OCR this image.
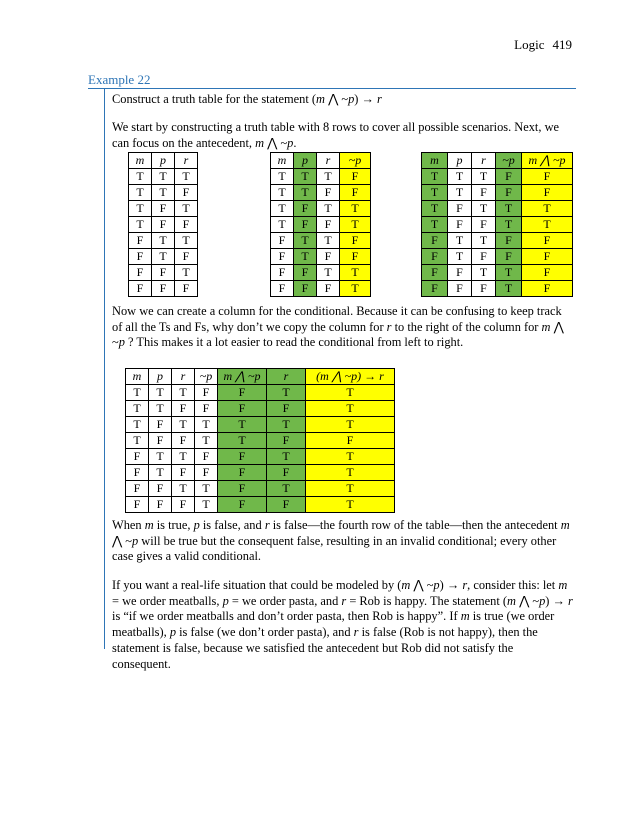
Logic 419
Example 22
Construct a truth table for the statement (m ⋀ ~p) → r
We start by constructing a truth table with 8 rows to cover all possible scenarios. Next, we can focus on the antecedent, m ⋀ ~p.
m	p	r
T	T	T
T	T	F
T	F	T
T	F	F
F	T	T
F	T	F
F	F	T
F	F	F
m	p	r	~p
T	T	T	F
T	T	F	F
T	F	T	T
T	F	F	T
F	T	T	F
F	T	F	F
F	F	T	T
F	F	F	T
m	p	r	~p	m ⋀ ~p
T	T	T	F	F
T	T	F	F	F
T	F	T	T	T
T	F	F	T	T
F	T	T	F	F
F	T	F	F	F
F	F	T	T	F
F	F	F	T	F
Now we can create a column for the conditional. Because it can be confusing to keep track of all the Ts and Fs, why don’t we copy the column for r to the right of the column for m ⋀ ~p ? This makes it a lot easier to read the conditional from left to right.
m	p	r	~p	m ⋀ ~p	r	(m ⋀ ~p) → r
T	T	T	F	F	T	T
T	T	F	F	F	F	T
T	F	T	T	T	T	T
T	F	F	T	T	F	F
F	T	T	F	F	T	T
F	T	F	F	F	F	T
F	F	T	T	F	T	T
F	F	F	T	F	F	T
When m is true, p is false, and r is false—the fourth row of the table—then the antecedent m ⋀ ~p will be true but the consequent false, resulting in an invalid conditional; every other case gives a valid conditional.
If you want a real-life situation that could be modeled by (m ⋀ ~p) → r, consider this: let m = we order meatballs, p = we order pasta, and r = Rob is happy. The statement (m ⋀ ~p) → r is “if we order meatballs and don’t order pasta, then Rob is happy”. If m is true (we order meatballs), p is false (we don’t order pasta), and r is false (Rob is not happy), then the statement is false, because we satisfied the antecedent but Rob did not satisfy the consequent.
